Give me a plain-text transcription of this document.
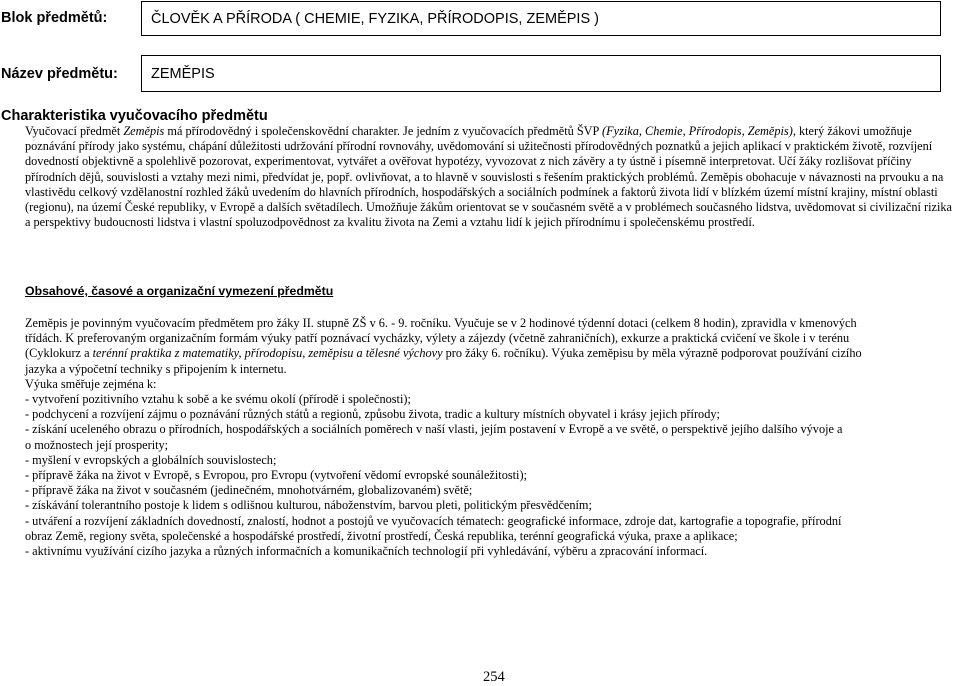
Blok předmětů:	ČLOVĚK A PŘÍRODA ( CHEMIE, FYZIKA, PŘÍRODOPIS, ZEMĚPIS )
Název předmětu: ZEMĚPIS
Charakteristika vyučovacího předmětu
Vyučovací předmět Zeměpis má přírodovědný i společenskovědní charakter. Je jedním z vyučovacích předmětů ŠVP (Fyzika, Chemie, Přírodopis, Zeměpis), který žákovi umožňuje poznávání přírody jako systému, chápání důležitosti udržování přírodní rovnováhy, uvědomování si užitečnosti přírodovědných poznatků a jejich aplikací v praktickém životě, rozvíjení dovedností objektivně a spolehlivě pozorovat, experimentovat, vytvářet a ověřovat hypotézy, vyvozovat z nich závěry a ty ústně i písemně interpretovat. Učí žáky rozlišovat příčiny přírodních dějů, souvislosti a vztahy mezi nimi, předvídat je, popř. ovlivňovat, a to hlavně v souvislosti s řešením praktických problémů. Zeměpis obohacuje v návaznosti na prvouku a na vlastivědu celkový vzdělanostní rozhled žáků uvedením do hlavních přírodních, hospodářských a sociálních podmínek a faktorů života lidí v blízkém území místní krajiny, místní oblasti (regionu), na území České republiky, v Evropě a dalších světadílech. Umožňuje žákům orientovat se v současném světě a v problémech současného lidstva, uvědomovat si civilizační rizika a perspektivy budoucnosti lidstva i vlastní spoluzodpovědnost za kvalitu života na Zemi a vztahu lidí k jejich přírodnímu i společenskému prostředí.
Obsahové, časové a organizační vymezení předmětu
Zeměpis je povinným vyučovacím předmětem pro žáky II. stupně ZŠ v 6. - 9. ročníku. Vyučuje se v 2 hodinové týdenní dotaci (celkem 8 hodin), zpravidla v kmenových
třídách. K preferovaným organizačním formám výuky patří poznávací vycházky, výlety a zájezdy (včetně zahraničních), exkurze a praktická cvičení ve škole i v terénu
(Cyklokurz a terénní praktika z matematiky, přírodopisu, zeměpisu a tělesné výchovy pro žáky 6. ročníku). Výuka zeměpisu by měla výrazně podporovat používání cizího
jazyka a výpočetní techniky s připojením k internetu.
Výuka směřuje zejména k:
- vytvoření pozitivního vztahu k sobě a ke svému okolí (přírodě i společnosti);
- podchycení a rozvíjení zájmu o poznávání různých států a regionů, způsobu života, tradic a kultury místních obyvatel i krásy jejich přírody;
- získání uceleného obrazu o přírodních, hospodářských a sociálních poměrech v naší vlasti, jejím postavení v Evropě a ve světě, o perspektivě jejího dalšího vývoje a
o možnostech její prosperity;
- myšlení v evropských a globálních souvislostech;
- přípravě žáka na život v Evropě, s Evropou, pro Evropu (vytvoření vědomí evropské sounáležitosti);
- přípravě žáka na život v současném (jedinečném, mnohotvárném, globalizovaném) světě;
- získávání tolerantního postoje k lidem s odlišnou kulturou, náboženstvím, barvou pleti, politickým přesvědčením;
- utváření a rozvíjení základních dovedností, znalostí, hodnot a postojů ve vyučovacích tématech: geografické informace, zdroje dat, kartografie a topografie, přírodní
obraz Země, regiony světa, společenské a hospodářské prostředí, životní prostředí, Česká republika, terénní geografická výuka, praxe a aplikace;
- aktivnímu využívání cizího jazyka a různých informačních a komunikačních technologií při vyhledávání, výběru a zpracování informací.
254
